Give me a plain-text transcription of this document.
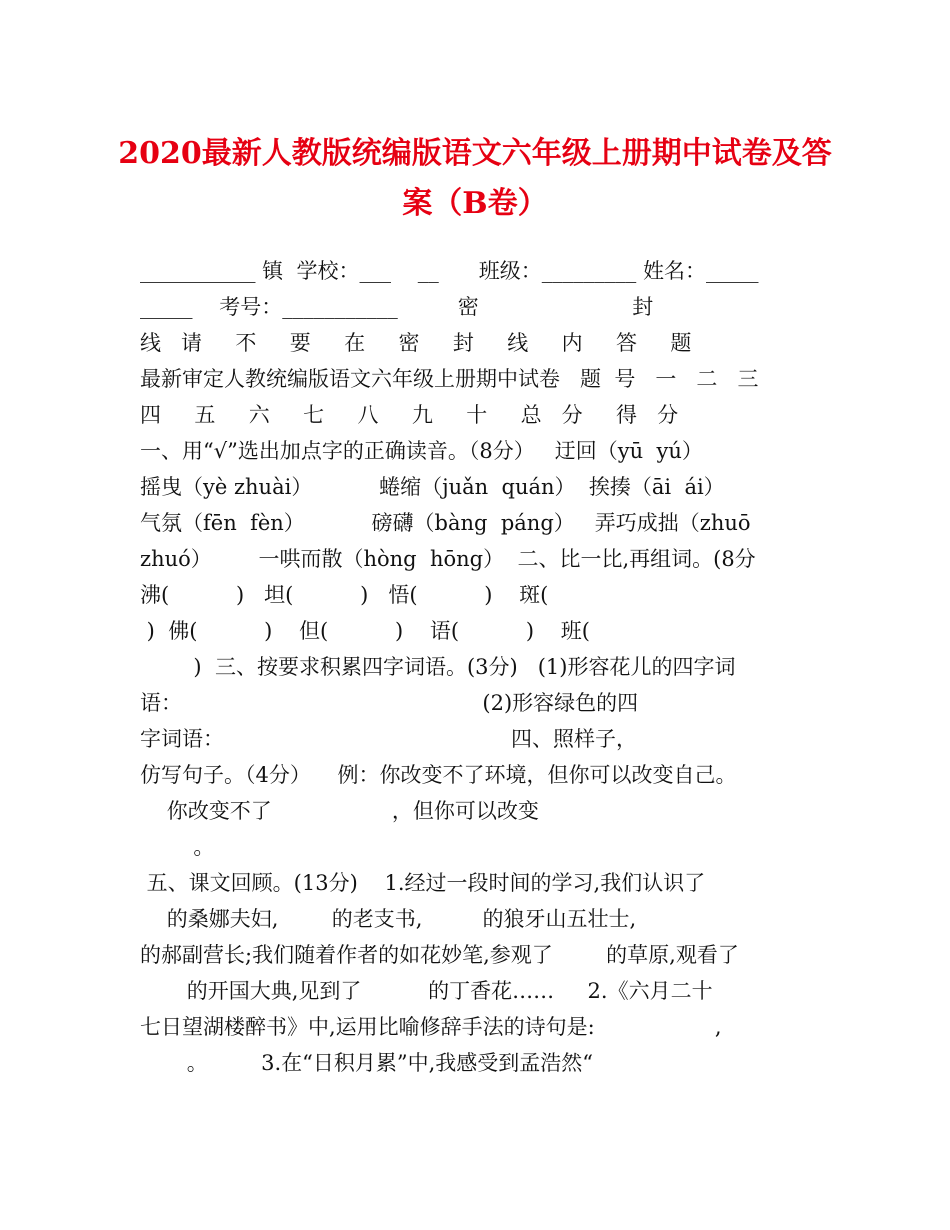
2020最新人教版统编版语文六年级上册期中试卷及答
案（B卷）
___________ 镇  学校：___    __      班级：_________ 姓名：_____
_____    考号：___________         密                       封
线   请     不     要     在     密     封     线     内     答     题
最新审定人教统编版语文六年级上册期中试卷   题  号   一   二   三
四     五     六     七     八     九     十     总   分     得   分
一、用“√”选出加点字的正确读音。（8分）   迂回（yū  yú）
摇曳（yè zhuài）          蜷缩（juǎn  quán）  挨揍（āi  ái）
气氛（fēn  fèn）          磅礴（bàng  páng）   弄巧成拙（zhuō
zhuó）       一哄而散（hòng  hōng）  二、比一比,再组词。(8分
沸(          )   坦(          )   悟(          )    斑(
)  佛(          )    但(          )    语(          )    班(
)  三、按要求积累四字词语。(3分)   (1)形容花儿的四字词
语：                                             (2)形容绿色的四
字词语：                                           四、照样子，
仿写句子。（4分）    例：你改变不了环境，但你可以改变自己。
你改变不了                  ，但你可以改变
。
五、课文回顾。(13分)    1.经过一段时间的学习,我们认识了
的桑娜夫妇,        的老支书,         的狼牙山五壮士,
的郝副营长;我们随着作者的如花妙笔,参观了        的草原,观看了
的开国大典,见到了          的丁香花……     2.《六月二十
七日望湖楼醉书》中,运用比喻修辞手法的诗句是:                  ,
。        3.在“日积月累”中,我感受到孟浩然“
